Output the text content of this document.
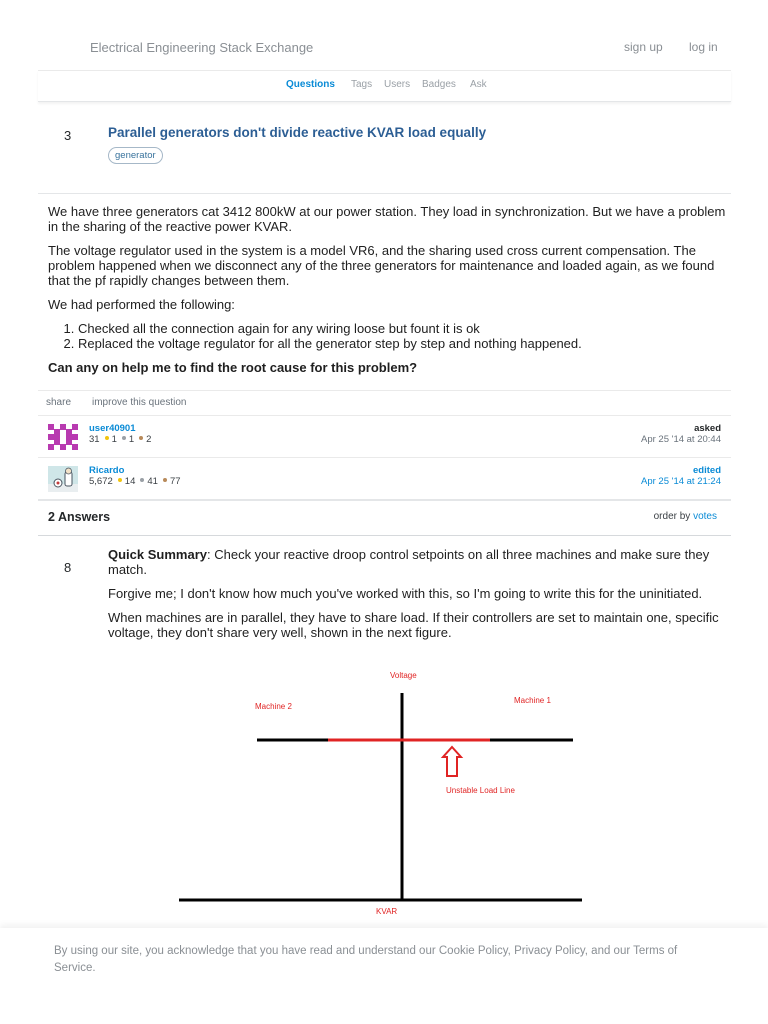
Electrical Engineering Stack Exchange	sign up log in
Questions Tags Users Badges Ask
3	Parallel generators don't divide reactive KVAR load equally
generator

We have three generators cat 3412 800kW at our power station. They load in synchronization. But we have a problem in the sharing of the reactive power KVAR.

The voltage regulator used in the system is a model VR6, and the sharing used cross current compensation. The problem happened when we disconnect any of the three generators for maintenance and loaded again, as we found that the pf rapidly changes between them.

We had performed the following:

1. Checked all the connection again for any wiring loose but fount it is ok
2. Replaced the voltage regulator for all the generator step by step and nothing happened.

Can any on help me to find the root cause for this problem?

share improve this question
user40901
31 1 1 2
asked
Apr 25 '14 at 20:44
Ricardo
5,672 14 41 77
edited
Apr 25 '14 at 21:24
2 Answers	order by votes
8

Quick Summary: Check your reactive droop control setpoints on all three machines and make sure they match.

Forgive me; I don't know how much you've worked with this, so I'm going to write this for the uninitiated.

When machines are in parallel, they have to share load. If their controllers are set to maintain one, specific voltage, they don't share very well, shown in the next figure.

Voltage
Machine 2
Machine 1
Unstable Load Line
KVAR

By using our site, you acknowledge that you have read and understand our Cookie Policy, Privacy Policy, and our Terms of Service.
